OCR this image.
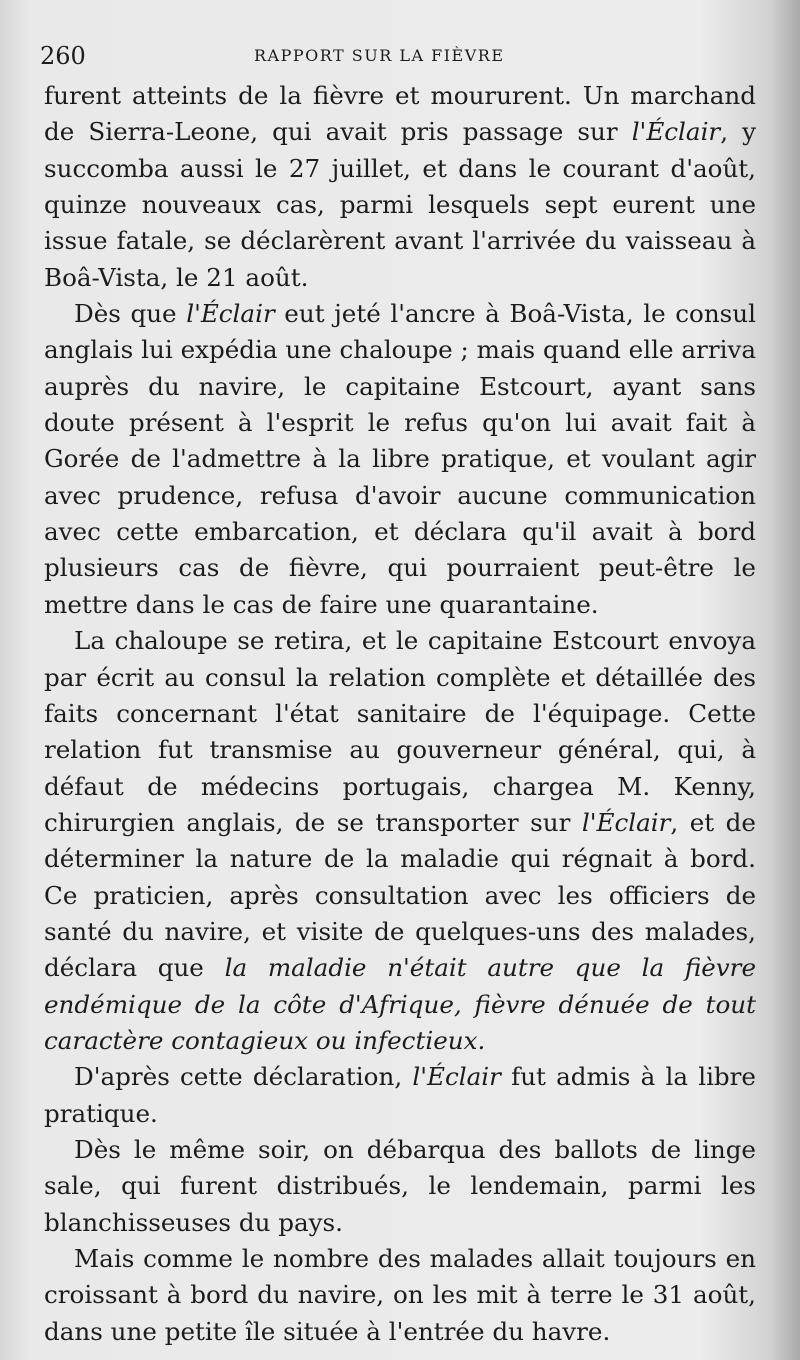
260	RAPPORT SUR LA FIÈVRE

furent atteints de la fièvre et moururent. Un marchand de Sierra-Leone, qui avait pris passage sur l'Éclair, y succomba aussi le 27 juillet, et dans le courant d'août, quinze nouveaux cas, parmi lesquels sept eurent une issue fatale, se déclarèrent avant l'arrivée du vaisseau à Boâ-Vista, le 21 août.

Dès que l'Éclair eut jeté l'ancre à Boâ-Vista, le consul anglais lui expédia une chaloupe ; mais quand elle arriva auprès du navire, le capitaine Estcourt, ayant sans doute présent à l'esprit le refus qu'on lui avait fait à Gorée de l'admettre à la libre pratique, et voulant agir avec prudence, refusa d'avoir aucune communication avec cette embarcation, et déclara qu'il avait à bord plusieurs cas de fièvre, qui pourraient peut-être le mettre dans le cas de faire une quarantaine.

La chaloupe se retira, et le capitaine Estcourt envoya par écrit au consul la relation complète et détaillée des faits concernant l'état sanitaire de l'équipage. Cette relation fut transmise au gouverneur général, qui, à défaut de médecins portugais, chargea M. Kenny, chirurgien anglais, de se transporter sur l'Éclair, et de déterminer la nature de la maladie qui régnait à bord. Ce praticien, après consultation avec les officiers de santé du navire, et visite de quelques-uns des malades, déclara que la maladie n'était autre que la fièvre endémique de la côte d'Afrique, fièvre dénuée de tout caractère contagieux ou infectieux.

D'après cette déclaration, l'Éclair fut admis à la libre pratique.

Dès le même soir, on débarqua des ballots de linge sale, qui furent distribués, le lendemain, parmi les blanchisseuses du pays.

Mais comme le nombre des malades allait toujours en croissant à bord du navire, on les mit à terre le 31 août, dans une petite île située à l'entrée du havre.
